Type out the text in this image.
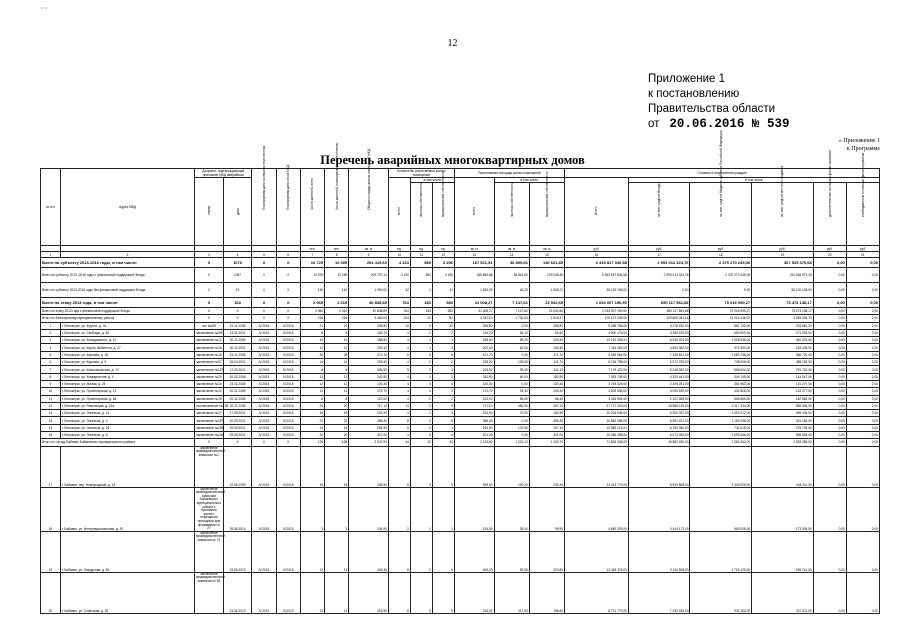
~~
12
Приложение 1
к постановлению
Правительства области
от 20.06.2016 № 539
« Приложение 1
к Программе
Перечень аварийных многоквартирных домов
№ п/п	Адрес МКД	Документ, подтверждающий признание МКД аварийным		Планируемая дата окончания переселения	Планируемая дата сноса МКД	Число жителей, всего	Число жителей, планируемых к переселению	Общая площадь жилых помещений МКД	Количество расселяемых жилых помещений			Расселяемая площадь жилых помещений			Стоимость переселения граждан					

		номер	дата						всего	в том числе		всего	в том числе		Всего	в том числе				

										частная собственность	муниципальная собственность		частная собственность	муниципальная собственность		за счет средств Фонда	за счет средств бюджета субъекта Российской Федерации	за счет средств местного бюджета	дополнительные источники финансирования	внебюджетные источники финансирования

						чел.	чел.	кв. м	ед.	ед.	ед.	кв. м	кв. м	кв. м	руб.	руб.	руб.	руб.	руб.	руб.
1	2	3	4	5	6	7	8	9	10	11	12	13	14	15	16	17	18	19	20	21
Всего по субъекту 2013-2016 годы, в том числе:		X	1076	X	X	10 729	10 395	204 419,63	4 234	985	3 256	167 521,51	36 899,66	130 621,85	6 439 817 940,58	2 993 014 324,76	2 379 270 245,06	367 525 370,68	0,00	0,00
Всего по субъекту 2013 -2016 годы с финансовой поддержкой Фонда		X	1057	X	X	10 578	10 255	203 797,13	4 190	984	3 196	165 890,88	36 844,50	129 046,38	6 383 697 834,58	2 993 014 324,76	2 379 270 245,06	311 406 973,29	0,00	0,00
Всего по субъекту 2013-2016 годы без финансовой поддержки Фонда		X	19	X	X	146	140	1 990,00	42	1	41	1 630,50	46,29	1 545,21	56 120 105,00	0,00	0,00	56 120 105,00	0,00	0,00
Всего по этапу 2013 года, в том числе:		X	163	X	X	2 065	2 010	40 838,89	764	183	583	31 008,27	7 147,62	23 942,65	1 034 007 190,90	650 117 561,68	70 016 090,27	73 473 138,17	0,00	0,00
Всего по этапу 2013 года с финансовой поддержкой Фонда		X	X	X	X	2 065	2 010	40 838,89	764	183	583	31 008,27	7 147,62	23 942,65	1 034 007 190,90	650 117 561,68	70 016 090,27	73 473 138,17	0,00	0,00
Итого по Белозерскому муниципальному району		X	X	X	X	216	216	4 440,00	104	22	82	4 347,10	1 730,53	2 616,57	176 107 005,00	109 669 051,16	11 014 246,02	3 483 034,73	0,00	0,00
1	г. Белозерск, ул. Фрунзе, д. 34	акт №6/8	24.11.2008	IV.2015	IV.2015	21	21	296,80	10	0	10	296,80	0,00	296,80	9 268 756,00	5 276 432,00	881 743,00	293 981,20	0,00	0,00
2	г. Белозерск, ул. Свободы, д. 55	заключение №3/6	24.01.2011	IV.2015	IV.2015	8	8	126,70	4	2	2	126,70	64,10	62,60	4 900 176,00	3 265 193,00	663 903,00	271 093,00	0,00	0,00
3	г. Белозерск, ул. Володарского, д. 11	заключение №12	30.11.2009	IV.2015	IV.2015	10	10	188,60	4	1	3	188,60	59,20	129,40	10 210 306,00	6 035 204,00	1 005 036,00	440 076,00	0,00	0,00
4	г. Белозерск, ул. Карла Либкнехта, д. 27	заключение №16	30.12.2011	IV.2015	IV.2015	11	11	202,40	4	1	3	202,40	62,00	140,40	7 116 062,00	4 593 362,00	372 390,00	153 436,00	0,00	0,00
5	г. Белозерск, ул. Карпова, д. 18	заключение №16	24.11.2008	IV.2015	IV.2015	28	28	371,70	8	0	8	371,70	0,00	371,70	4 333 964,00	7 145 821,00	1 083 738,00	366 720,00	0,00	0,00
6	г. Белозерск, ул. Карпова, д. 9	заключение №07	26.04.2011	IV.2015	IV.2015	14	14	228,30	4	2	2	228,30	106,60	121,70	6 136 798,00	5 072 799,00	738 948,00	388 182,00	0,00	0,00
7	г. Белозерск, ул. Комсомольская, д. 17	заключение №157	17.05.2011	IV.2015	IV.2015	8	8	206,50	5	2	3	203,50	92,40	111,10	7 179 422,00	5 246 262,00	666 604,00	276 742,00	0,00	0,00
8	г. Белозерск, ул. Коммунистов, д. 4	заключение №20	20.03.2006	IV.2015	IV.2015	13	13	242,90	4	1	3	242,90	60,00	182,90	7 053 708,00	4 320 441,00	340 745,00	144 047,00	0,00	0,00
9	г. Белозерск, ул. Малая, д. 25	заключение №16	24.11.2008	IV.2015	IV.2015	12	12	120,30	4	0	4	120,30	0,00	120,30	3 769 329,00	2 205 251,00	381 963,00	101 207,00	0,00	0,00
10	г. Белозерск, ул. Пролетарская, д. 12	заключение №12	20.11.2008	IV.2015	IV.2015	11	11	172,70	4	1	3	172,70	29,40	143,30	4 609 506,00	3 005 529,00	432 826,00	133 077,00	0,00	0,00
11	г. Белозерск, ул. Пролетарская, д. 64	заключение №15	20.11.2008	IV.2015	IV.2015	8	8	122,00	4	2	2	122,00	55,60	66,40	3 426 994,00	2 121 908,00	565 865,00	162 582,00	0,00	0,00
12	г. Белозерск, ул. Революции, д. 19а	постановление №128	20.11.2008	IV.2015	IV.2015	20	20	717,10	11	2	9	717,10	450,00	267,10	27 717 330,00	18 588 129,00	2 417 334,00	556 506,00	0,00	0,00
13	г. Белозерск, ул. Энгельса, д. 14	заключение №17	17.05.2011	IV.2015	IV.2015	19	19	224,90	4	1	3	224,90	70,00	154,90	10 204 536,00	6 300 037,00	1 092 212,00	499 434,00	0,00	0,00
14	г. Белозерск, ул. Энгельса, д. 4	заключение №157	20.09.2011	IV.2015	IV.2015	22	22	356,40	8	0	8	356,40	0,00	356,40	10 860 086,00	6 091 421,00	1 154 098,00	401 150,00	0,00	0,00
15	г. Белозерск, ул. Энгельса, д. 26	заключение №155	20.09.2011	IV.2015	IV.2015	14	14	294,90	5	2	3	294,90	137,80	157,10	10 389 215,00	6 780 390,00	742 015,00	278 739,00	0,00	0,00
16	г. Белозерск, ул. Энгельса, д. 8	заключение №146	05.09.2011	IV.2015	IV.2015	20	20	321,00	4	0	4	321,00	0,00	321,00	10 286 398,00	6 074 399,00	1 093 445,00	598 648,00	0,00	0,00
Итого по городу Бабаево Бабаевского муниципального района		X	X	X	X	176	168	2 947,90	44	10	34	2 133,80	1 024,10	1 109,70	71 818 336,00	45 882 490,00	7 084 263,00	2 053 389,00	0,00	0,00
17	г. Бабаево, пер. Новгородский, д. 14	заключение межведомственной комиссии №1	22.05.2009	IV.2015	IV.2015	15	15	335,50	8	3	5	335,50	100,20	235,30	14 013 779,00	8 839 808,00	1 340 925,00	444 211,00	0,00	0,00
18	г. Бабаево, ул. Интернациональная, д. 39	заключение межведомственной комиссии Бабаевского муниципального района о признании жилого помещения пригодным для проживания № 27	26.06.2014	IV.2015	IV.2015	3	3	134,50	2	1	1	134,50	35,00	99,50	4 650 325,00	3 444 173,00	563 028,00	173 094,00	0,00	0,00
19	г. Бабаево, ул. Свердлова, д. 50	заключение межведомственной комиссии № 74	24.06.2013	IV.2015	IV.2015	12	12	406,30	8	2	6	406,30	82,50	323,80	12 418 376,00	9 134 508,00	1 763 129,00	536 741,00	0,00	0,00
20	г. Бабаево, ул. Советская, д. 35	заключение межведомственной комиссии № 56	23.06.2015	IV.2015	IV.2015	13	11	316,50	8	3	5	316,50	117,90	198,60	8 721 773,00	7 240 916,00	932 153,00	327 011,00	0,00	0,00
